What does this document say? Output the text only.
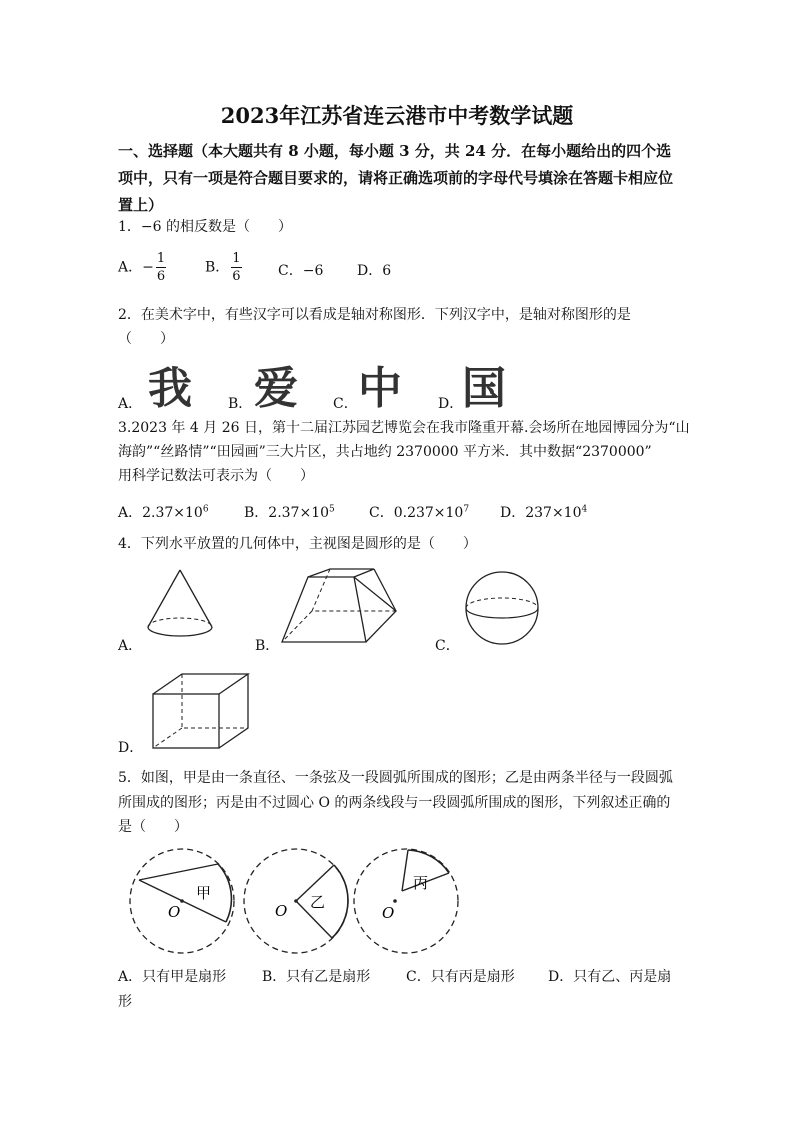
2023年江苏省连云港市中考数学试题
一、选择题（本大题共有 8 小题，每小题 3 分，共 24 分．在每小题给出的四个选项中，只有一项是符合题目要求的，请将正确选项前的字母代号填涂在答题卡相应位置上）
1．−6 的相反数是（　　）
A．− $\frac{1}{6}$	B． $\frac{1}{6}$	C．−6 D．6
2．在美术字中，有些汉字可以看成是轴对称图形．下列汉字中，是轴对称图形的是
（　　）
A． 我	B． 爱	C． 中	D．
国
3.2023 年 4 月 26 日，第十二届江苏园艺博览会在我市隆重开幕.会场所在地园博园分为“山
海韵”“丝路情”“田园画”三大片区，共占地约 2370000 平方米．其中数据“2370000”
用科学记数法可表示为（　　）
A．$2.37\times 10^6$	B．$2.37\times 10^5$ C．$0.237\times 10^7$ D．$237\times 10^4$
4．下列水平放置的几何体中，主视图是圆形的是（　　）
A．	B．	C．
D．
5．如图，甲是由一条直径、一条弦及一段圆弧所围成的图形；乙是由两条半径与一段圆弧
所围成的图形；丙是由不过圆心 O 的两条线段与一段圆弧所围成的图形，下列叙述正确的
是（　　）
甲
O
乙
O
丙
O
A．只有甲是扇形	B．只有乙是扇形	C．只有丙是扇形 D．只有乙、丙是扇
形
